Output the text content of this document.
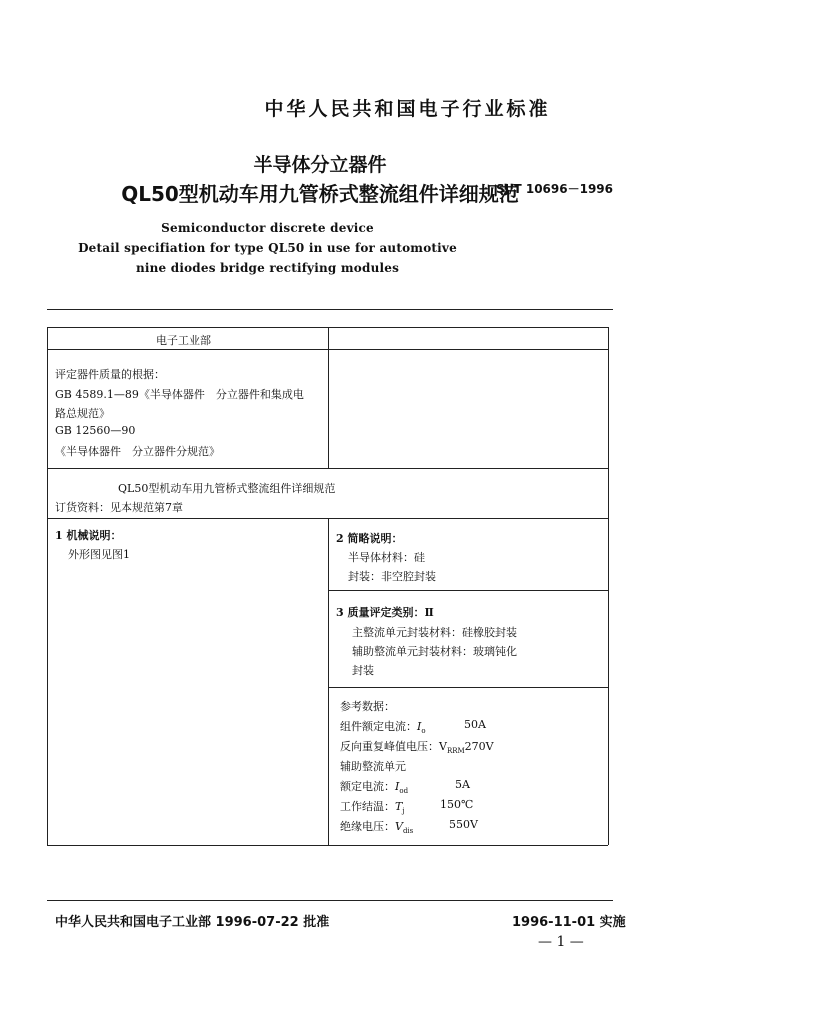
中华人民共和国电子行业标准
半导体分立器件
QL50型机动车用九管桥式整流组件详细规范
SJ/T 10696－1996
Semiconductor discrete device
Detail specifiation for type QL50 in use for automotive
nine diodes bridge rectifying modules
电子工业部
评定器件质量的根据：
GB 4589.1—89《半导体器件　分立器件和集成电
路总规范》
GB 12560—90
《半导体器件　分立器件分规范》
QL50型机动车用九管桥式整流组件详细规范
订货资料：见本规范第7章
1 机械说明：
外形图见图1
2 简略说明：
半导体材料：硅
封装：非空腔封装
3 质量评定类别：Ⅱ
主整流单元封装材料：硅橡胶封装
辅助整流单元封装材料：玻璃钝化
封装
参考数据：
组件额定电流：$I_o$
50A
反向重复峰值电压：$V_{RRM}270V$
辅助整流单元
额定电流：$I_{od}$
5A
工作结温：$T_j$
150℃
绝缘电压：$V_{dis}$
550V
中华人民共和国电子工业部 1996-07-22 批准	1996-11-01 实施
— 1 —
